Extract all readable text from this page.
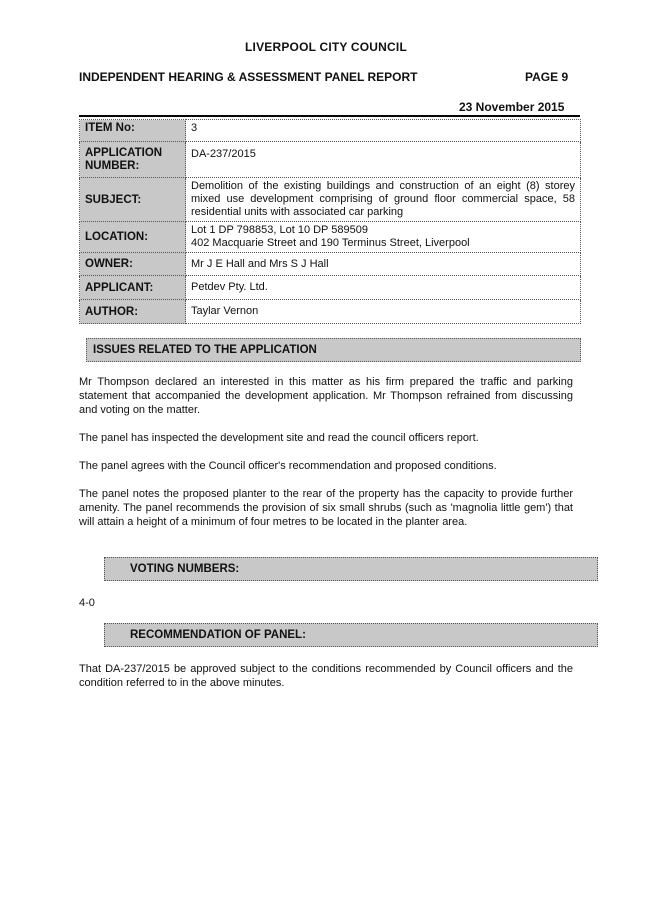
LIVERPOOL CITY COUNCIL
INDEPENDENT HEARING & ASSESSMENT PANEL REPORT	PAGE 9
23 November 2015
ITEM No:	3
APPLICATION NUMBER:	DA-237/2015
SUBJECT:	Demolition of the existing buildings and construction of an eight (8) storey mixed use development comprising of ground floor commercial space, 58 residential units with associated car parking
LOCATION:	Lot 1 DP 798853, Lot 10 DP 589509
402 Macquarie Street and 190 Terminus Street, Liverpool

OWNER:	Mr J E Hall and Mrs S J Hall
APPLICANT:	Petdev Pty. Ltd.
AUTHOR:	Taylar Vernon
ISSUES RELATED TO THE APPLICATION

Mr Thompson declared an interested in this matter as his firm prepared the traffic and parking statement that accompanied the development application. Mr Thompson refrained from discussing and voting on the matter.

The panel has inspected the development site and read the council officers report.

The panel agrees with the Council officer's recommendation and proposed conditions.

The panel notes the proposed planter to the rear of the property has the capacity to provide further amenity. The panel recommends the provision of six small shrubs (such as 'magnolia little gem') that will attain a height of a minimum of four metres to be located in the planter area.

VOTING NUMBERS:

4-0

RECOMMENDATION OF PANEL:

That DA-237/2015 be approved subject to the conditions recommended by Council officers and the condition referred to in the above minutes.
